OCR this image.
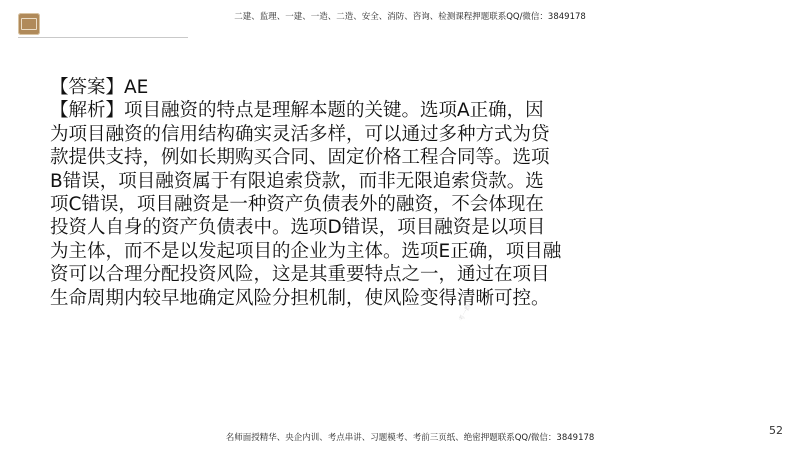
二建、监理、一建、一造、二造、安全、消防、咨询、检测课程押题联系QQ/微信：3849178
【答案】AE
【解析】项目融资的特点是理解本题的关键。选项A正确，因
为项目融资的信用结构确实灵活多样，可以通过多种方式为贷
款提供支持，例如长期购买合同、固定价格工程合同等。选项
B错误，项目融资属于有限追索贷款，而非无限追索贷款。选
项C错误，项目融资是一种资产负债表外的融资，不会体现在
投资人自身的资产负债表中。选项D错误，项目融资是以项目
为主体，而不是以发起项目的企业为主体。选项E正确，项目融
资可以合理分配投资风险，这是其重要特点之一，通过在项目
生命周期内较早地确定风险分担机制，使风险变得清晰可控。
考一群
52
名师面授精华、央企内训、考点串讲、习题模考、考前三页纸、绝密押题联系QQ/微信：3849178
